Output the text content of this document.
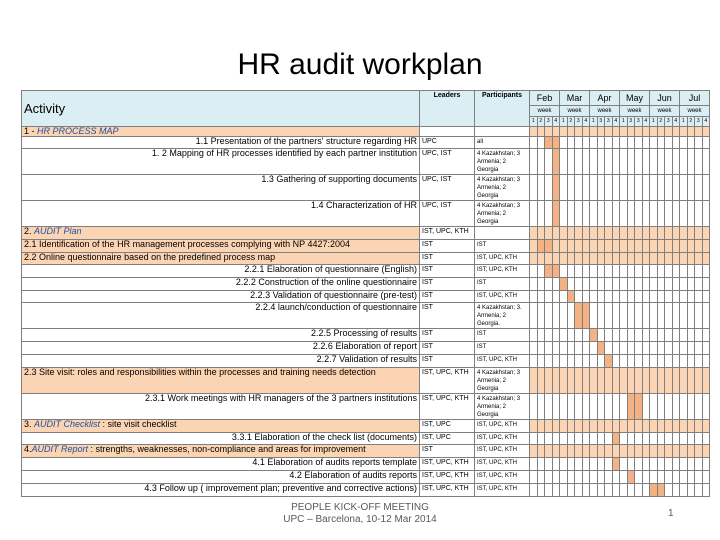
HR audit workplan
Activity	Leaders	Participants	Feb				Mar				Apr				May				Jun				Jul			
			week				week				week				week				week				week			
			1	2	3	4	1	2	3	4	1	3	3	4	1	3	3	4	1	2	3	4	1	2	3	4
1 - HR PROCESS MAP																										
1.1 Presentation of the partners' structure regarding HR	UPC	all																								
1. 2 Mapping of HR processes identified by each partner institution	UPC, IST	4 Kazakhstan; 3 Armenia; 2 Georgia																								
1.3 Gathering of supporting documents	UPC, IST	4 Kazakhstan; 3 Armenia; 2 Georgia																								
1.4 Characterization of HR	UPC, IST	4 Kazakhstan; 3 Armenia; 2 Georgia																								
2. AUDIT Plan	IST, UPC, KTH																									
2.1 Identification of the HR management processes complying with NP 4427:2004	IST	IST																								
2.2 Online questionnaire based on the predefined process map	IST	IST, UPC, KTH																								
2.2.1 Elaboration of questionnaire (English)	IST	IST; UPC, KTH																								
2.2.2 Construction of the online questionnaire	IST	IST																								
2.2.3 Validation of questionnaire (pre-test)	IST	IST, UPC, KTH																								
2.2.4 launch/conduction of questionnaire	IST	4 Kazakhstan; 3. Armenia; 2 Georgia.																								
2.2.5 Processing of results	IST	IST																								
2.2.6 Elaboration of report	IST	IST																								
2.2.7 Validation of results	IST	IST, UPC, KTH																								
2.3 Site visit: roles and responsibilities within the processes and training needs detection	IST, UPC, KTH	4 Kazakhstan; 3 Armenia; 2 Georgia																								
2.3.1 Work meetings with HR managers of the 3 partners institutions	IST, UPC, KTH	4 Kazakhstan; 3 Armenia; 2 Georgia																								
3. AUDIT Checklist : site visit checklist	IST, UPC	IST, UPC, KTH																								
3.3.1 Elaboration of the check list (documents)	IST, UPC	IST, UPC, KTH																								
4.AUDIT Report : strengths, weaknesses, non-compliance and areas for improvement	IST	IST, UPC, KTH																								
4.1 Elaboration of audits reports template	IST, UPC, KTH	IST, UPC, KTH																								
4.2 Elaboration of audits reports	IST, UPC, KTH	IST, UPC, KTH																								
4.3 Follow up ( improvement plan; preventive and corrective actions)	IST, UPC, KTH	IST, UPC, KTH																								
PEOPLE KICK-OFF MEETING
UPC – Barcelona, 10-12 Mar 2014
1
